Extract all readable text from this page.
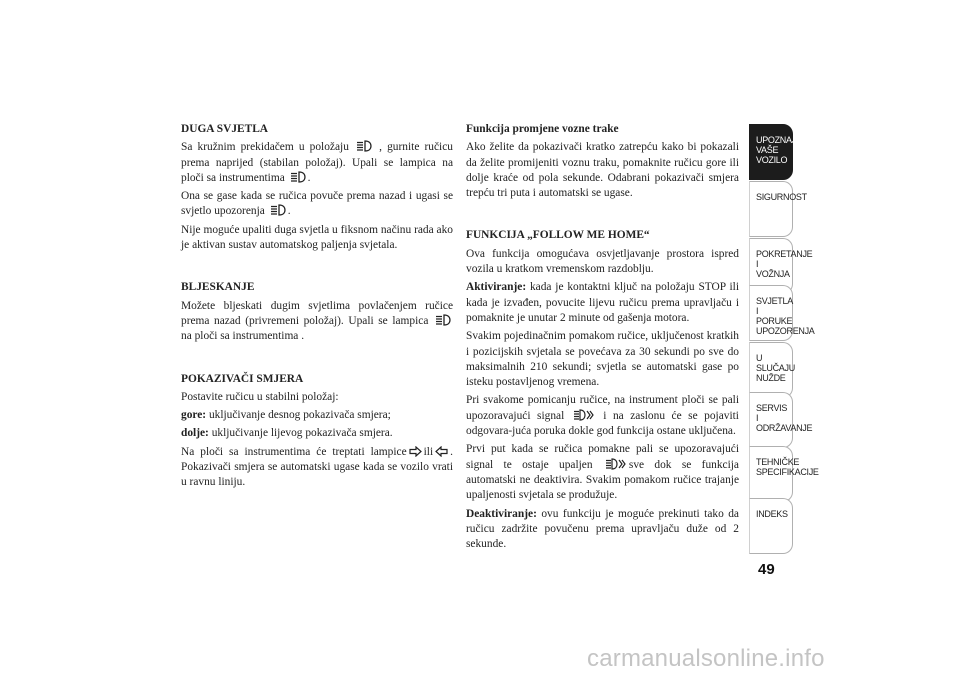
DUGA SVJETLA

Sa kružnim prekidačem u položaju	, gurnite ručicu prema naprijed (stabilan položaj). Upali se lampica na ploči sa instrumentima .

Ona se gase kada se ručica povuče prema nazad i ugasi se svjetlo upozorenja .

Nije moguće upaliti duga svjetla u fiksnom načinu rada ako je aktivan sustav automatskog paljenja svjetala.

BLJESKANJE

Možete bljeskati dugim svjetlima povlačenjem ručice prema nazad (privremeni položaj). Upali se lampica  na ploči sa instrumentima .

POKAZIVAČI SMJERA

Postavite ručicu u stabilni položaj:

gore: uključivanje desnog pokazivača smjera;

dolje: uključivanje lijevog pokazivača smjera.

Na ploči sa instrumentima će treptati lampice ili . Pokazivači smjera se automatski ugase kada se vozilo vrati u ravnu liniju.

Funkcija promjene vozne trake

Ako želite da pokazivači kratko zatrepću kako bi pokazali da želite promijeniti voznu traku, pomaknite ručicu gore ili dolje kraće od pola sekunde. Odabrani pokazivači smjera trepću tri puta i automatski se ugase.

FUNKCIJA „FOLLOW ME HOME“

Ova funkcija omogućava osvjetljavanje prostora ispred vozila u kratkom vremenskom razdoblju.

Aktiviranje: kada je kontaktni ključ na položaju STOP ili kada je izvađen, povucite lijevu ručicu prema upravljaču i pomaknite je unutar 2 minute od gašenja motora.

Svakim pojedinačnim pomakom ručice, uključenost kratkih i pozicijskih svjetala se povećava za 30 sekundi po sve do maksimalnih 210 sekundi; svjetla se automatski gase po isteku postavljenog vremena.

Pri svakome pomicanju ručice, na instrument ploči se pali upozoravajući signal	i na zaslonu će se pojaviti odgovara-juća poruka dokle god funkcija ostane uključena.

Prvi put kada se ručica pomakne pali se upozoravajući signal te ostaje upaljen	sve dok se funkcija automatski ne deaktivira. Svakim pomakom ručice trajanje upaljenosti svjetala se produžuje.

Deaktiviranje: ovu funkciju je moguće prekinuti tako da ručicu zadržite povučenu prema upravljaču duže od 2 sekunde.

UPOZNAJTE
VAŠE
VOZILO
SIGURNOST
POKRETANJE
I
VOŽNJA
SVJETLA I
PORUKE
UPOZORENJA
U SLUČAJU
NUŽDE
SERVIS
I
ODRŽAVANJE
TEHNIČKE
SPECIFIKACIJE
INDEKS
49
carmanualsonline.info
